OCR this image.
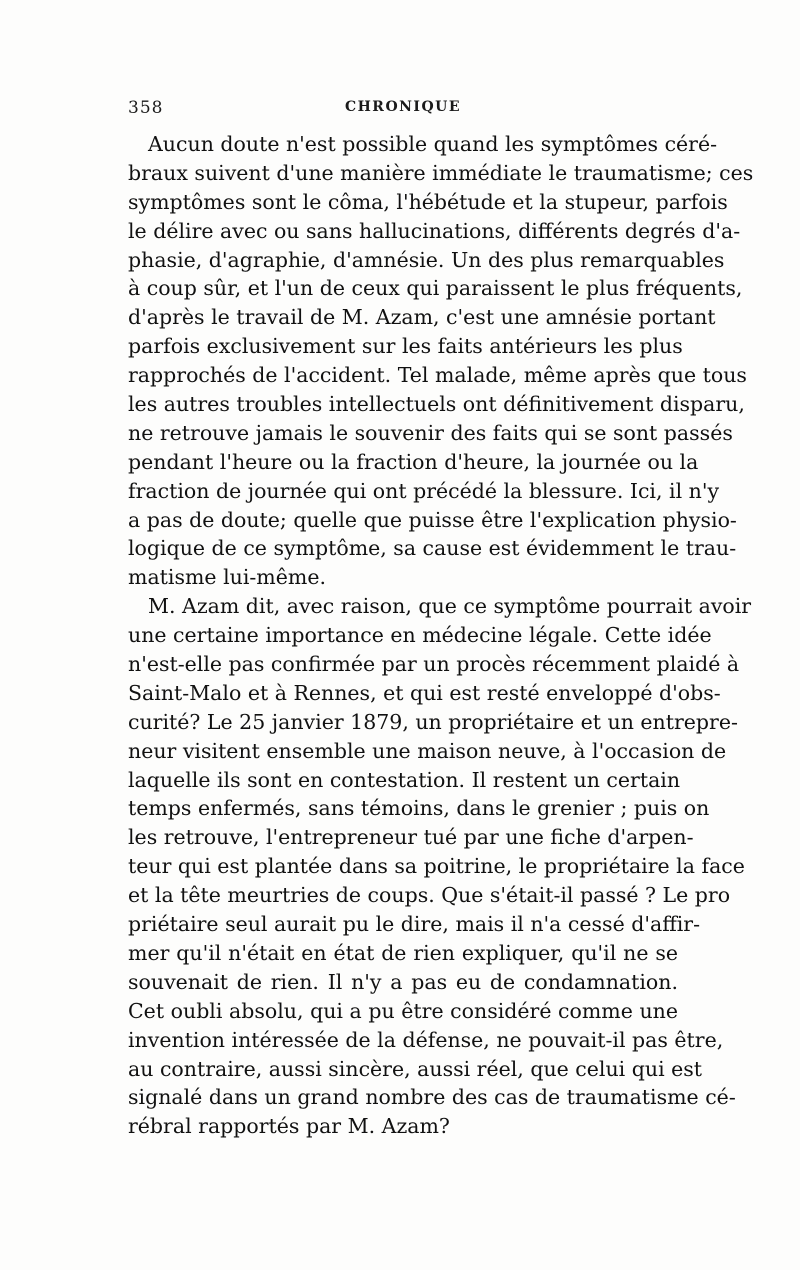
358	CHRONIQUE
Aucun doute n'est possible quand les symptômes céré-
braux suivent d'une manière immédiate le traumatisme; ces
symptômes sont le côma, l'hébétude et la stupeur, parfois
le délire avec ou sans hallucinations, différents degrés d'a-
phasie, d'agraphie, d'amnésie. Un des plus remarquables
à coup sûr, et l'un de ceux qui paraissent le plus fréquents,
d'après le travail de M. Azam, c'est une amnésie portant
parfois exclusivement sur les faits antérieurs les plus
rapprochés de l'accident. Tel malade, même après que tous
les autres troubles intellectuels ont définitivement disparu,
ne retrouve jamais le souvenir des faits qui se sont passés
pendant l'heure ou la fraction d'heure, la journée ou la
fraction de journée qui ont précédé la blessure. Ici, il n'y
a pas de doute; quelle que puisse être l'explication physio-
logique de ce symptôme, sa cause est évidemment le trau-
matisme lui-même.
M. Azam dit, avec raison, que ce symptôme pourrait avoir
une certaine importance en médecine légale. Cette idée
n'est-elle pas confirmée par un procès récemment plaidé à
Saint-Malo et à Rennes, et qui est resté enveloppé d'obs-
curité? Le 25 janvier 1879, un propriétaire et un entrepre-
neur visitent ensemble une maison neuve, à l'occasion de
laquelle ils sont en contestation. Il restent un certain
temps enfermés, sans témoins, dans le grenier ; puis on
les retrouve, l'entrepreneur tué par une fiche d'arpen-
teur qui est plantée dans sa poitrine, le propriétaire la face
et la tête meurtries de coups. Que s'était-il passé ? Le pro
priétaire seul aurait pu le dire, mais il n'a cessé d'affir-
mer qu'il n'était en état de rien expliquer, qu'il ne se
souvenait de rien. Il n'y a pas eu de condamnation.
Cet oubli absolu, qui a pu être considéré comme une
invention intéressée de la défense, ne pouvait-il pas être,
au contraire, aussi sincère, aussi réel, que celui qui est
signalé dans un grand nombre des cas de traumatisme cé-
rébral rapportés par M. Azam?
